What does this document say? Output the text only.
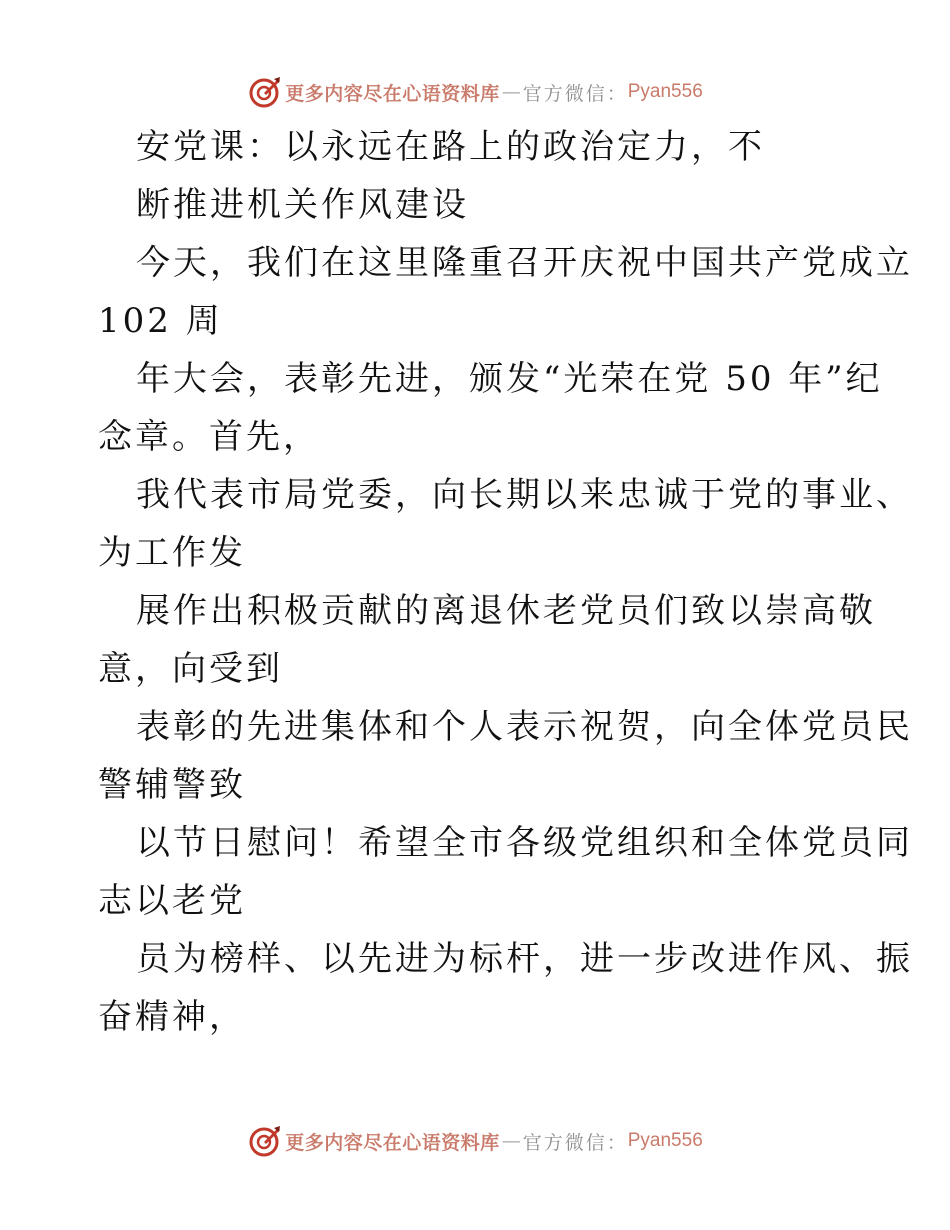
更多内容尽在心语资料库 — 官方微信： Pyan556
安党课：以永远在路上的政治定力，不
断推进机关作风建设
今天，我们在这里隆重召开庆祝中国共产党成立
102 周
年大会，表彰先进，颁发“光荣在党 50 年”纪
念章。首先，
我代表市局党委，向长期以来忠诚于党的事业、
为工作发
展作出积极贡献的离退休老党员们致以崇高敬
意，向受到
表彰的先进集体和个人表示祝贺，向全体党员民
警辅警致
以节日慰问！希望全市各级党组织和全体党员同
志以老党
员为榜样、以先进为标杆，进一步改进作风、振
奋精神，
更多内容尽在心语资料库 — 官方微信： Pyan556
